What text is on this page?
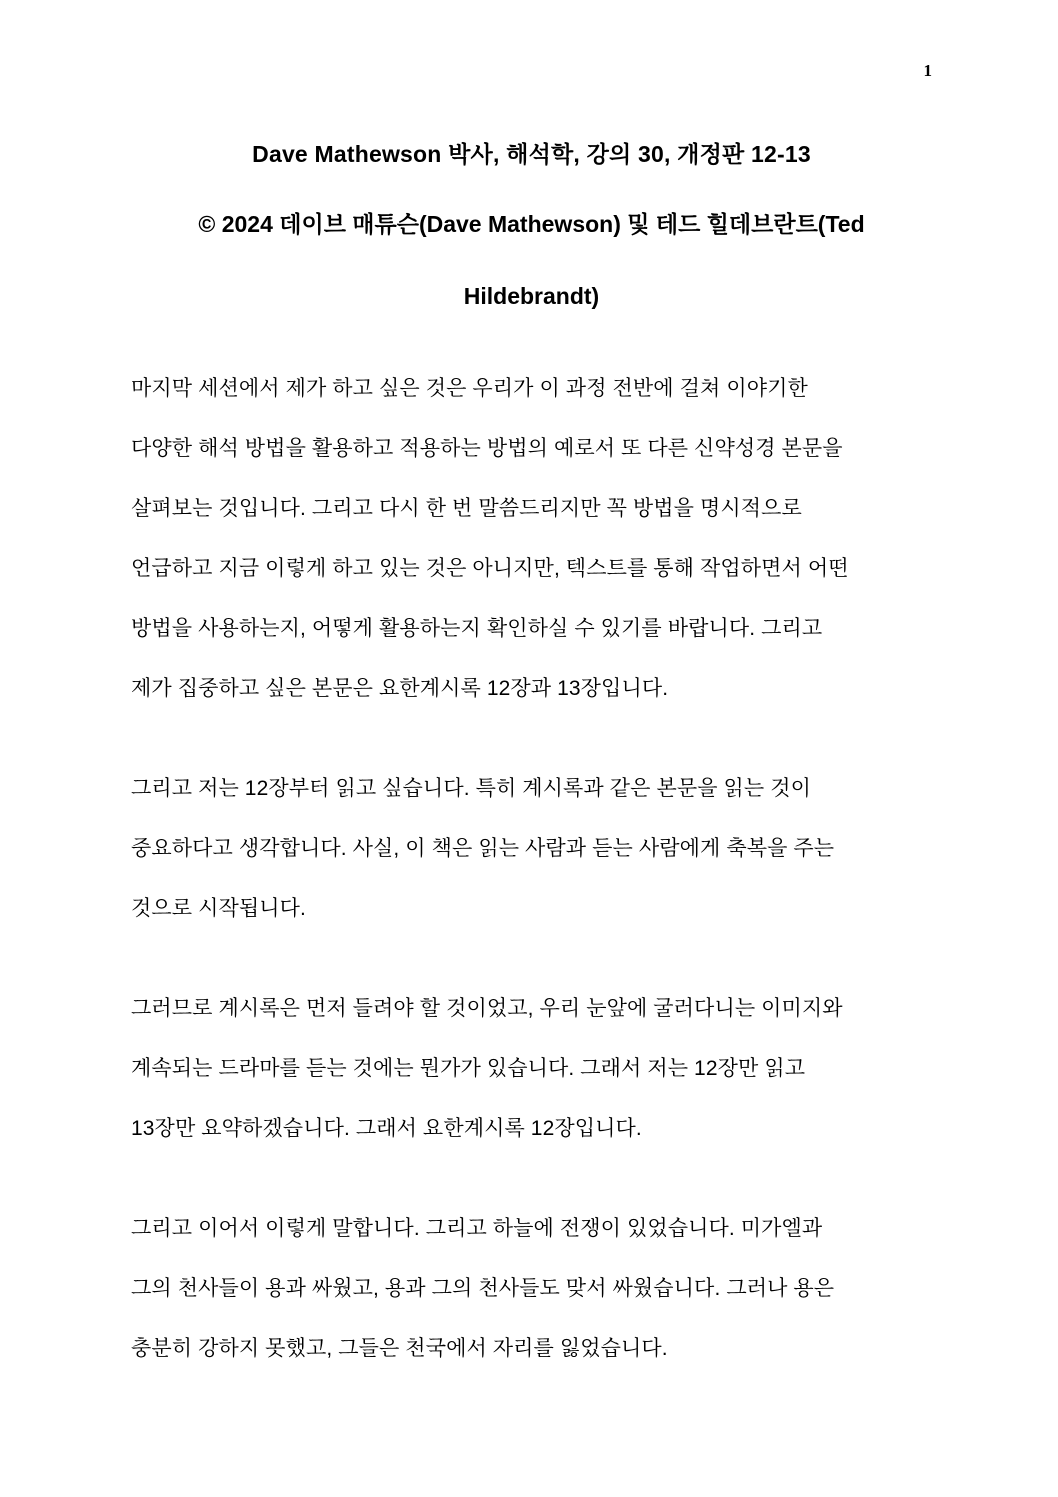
1
Dave Mathewson 박사, 해석학, 강의 30, 개정판 12-13
© 2024 데이브 매튜슨(Dave Mathewson) 및 테드 힐데브란트(Ted
Hildebrandt)
마지막 세션에서 제가 하고 싶은 것은 우리가 이 과정 전반에 걸쳐 이야기한
다양한 해석 방법을 활용하고 적용하는 방법의 예로서 또 다른 신약성경 본문을
살펴보는 것입니다. 그리고 다시 한 번 말씀드리지만 꼭 방법을 명시적으로
언급하고 지금 이렇게 하고 있는 것은 아니지만, 텍스트를 통해 작업하면서 어떤
방법을 사용하는지, 어떻게 활용하는지 확인하실 수 있기를 바랍니다. 그리고
제가 집중하고 싶은 본문은 요한계시록 12장과 13장입니다.
그리고 저는 12장부터 읽고 싶습니다. 특히 계시록과 같은 본문을 읽는 것이
중요하다고 생각합니다. 사실, 이 책은 읽는 사람과 듣는 사람에게 축복을 주는
것으로 시작됩니다.
그러므로 계시록은 먼저 들려야 할 것이었고, 우리 눈앞에 굴러다니는 이미지와
계속되는 드라마를 듣는 것에는 뭔가가 있습니다. 그래서 저는 12장만 읽고
13장만 요약하겠습니다. 그래서 요한계시록 12장입니다.
그리고 이어서 이렇게 말합니다. 그리고 하늘에 전쟁이 있었습니다. 미가엘과
그의 천사들이 용과 싸웠고, 용과 그의 천사들도 맞서 싸웠습니다. 그러나 용은
충분히 강하지 못했고, 그들은 천국에서 자리를 잃었습니다.
